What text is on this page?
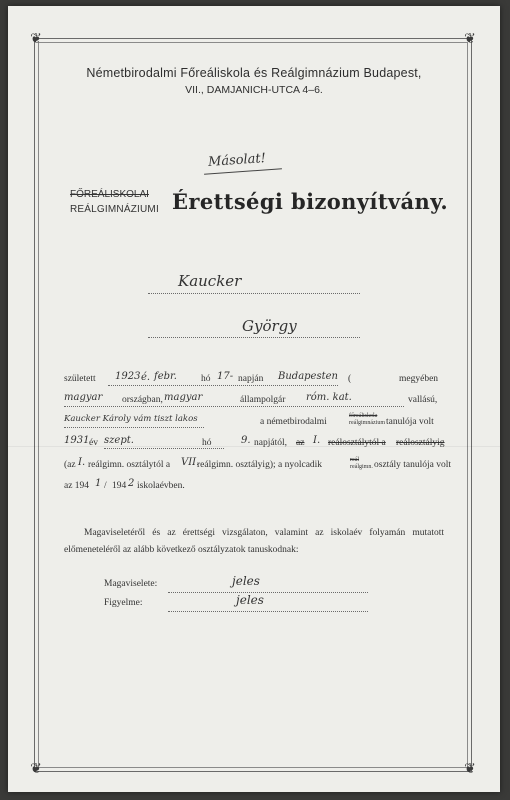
❦	❦
❦	❦
Németbirodalmi Főreáliskola és Reálgimnázium Budapest,
VII., DAMJANICH-UTCA 4–6.
Másolat!
FŐREÁLISKOLAI
REÁLGIMNÁZIUMI Érettségi bizonyítvány.
Kaucker
György
született 1923 é. febr.	hó 17- napján Budapesten (	megyében
magyar országban, magyar	állampolgár róm. kat.	vallású,
Kaucker Károly vám tiszt lakos	a németbirodalmi
főreáliskola
reálgimnázium tanulója volt
1931 év szept.	hó	9. napjától, az I. reálosztálytól a reálosztályig
(az I. reálgimn. osztálytól a VII.
reálgimn. osztályig); a nyolcadik	reál
reálgimn. osztály tanulója volt
az 194 1 / 194 2 iskolaévben.
Magaviseletéről és az érettségi vizsgálaton, valamint az iskolaév folyamán mutatott előmeneteléről az alább következő osztályzatok tanuskodnak:
Magaviselete:	jeles
Figyelme:	jeles
